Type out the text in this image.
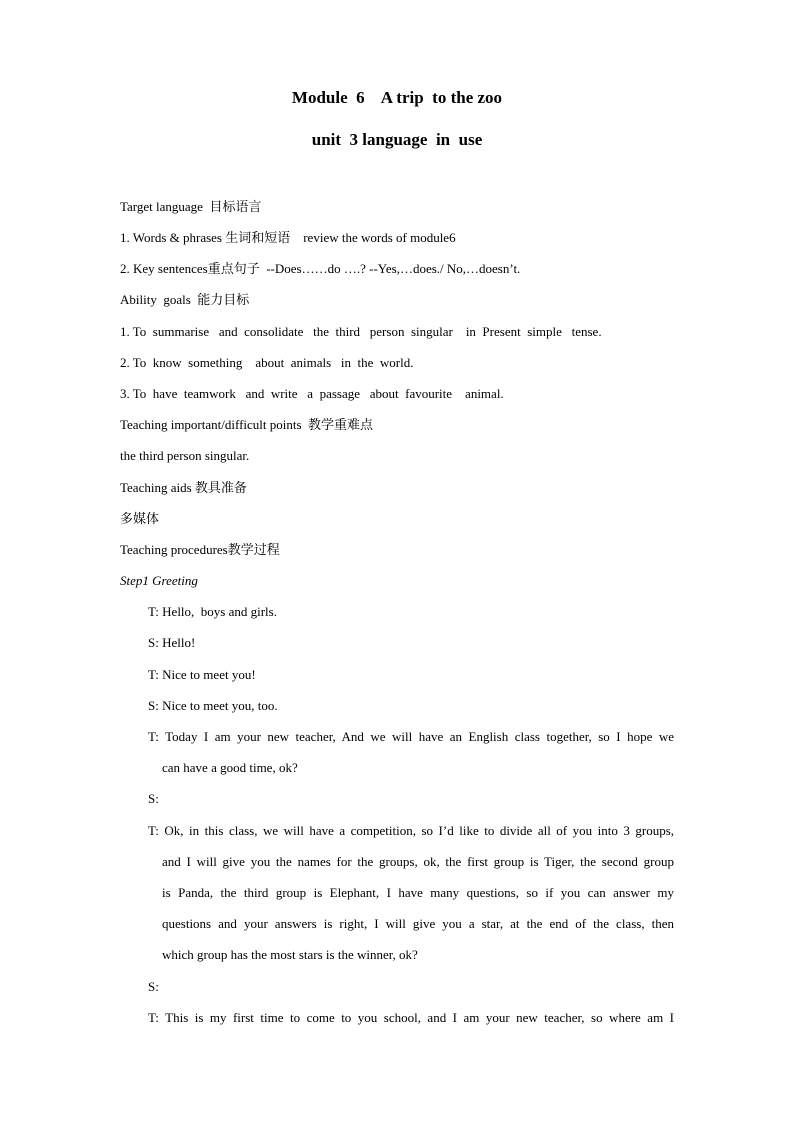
Module  6    A trip  to the zoo
unit  3 language  in  use
Target language  目标语言
1. Words & phrases 生词和短语    review the words of module6
2. Key sentences重点句子  --Does……do ….? --Yes,…does./ No,…doesn’t.
Ability  goals  能力目标
1. To  summarise   and  consolidate   the  third   person  singular    in  Present  simple   tense.
2. To  know  something    about  animals   in  the  world.
3. To  have  teamwork   and  write   a  passage   about  favourite    animal.
Teaching important/difficult points  教学重难点
the third person singular.
Teaching aids 教具准备
多媒体
Teaching procedures教学过程
Step1 Greeting
T: Hello,  boys and girls.
S: Hello!
T: Nice to meet you!
S: Nice to meet you, too.
T: Today I am your new teacher, And we will have an English class together, so I hope we
can have a good time, ok?
S:
T: Ok, in this class, we will have a competition, so I’d like to divide all of you into 3 groups,
and I will give you the names for the groups, ok, the first group is Tiger, the second group
is Panda, the third group is Elephant, I have many questions, so if you can answer my
questions and your answers is right, I will give you a star, at the end of the class, then
which group has the most stars is the winner, ok?
S:
T: This is my first time to come to you school, and I am your new teacher, so where am I
